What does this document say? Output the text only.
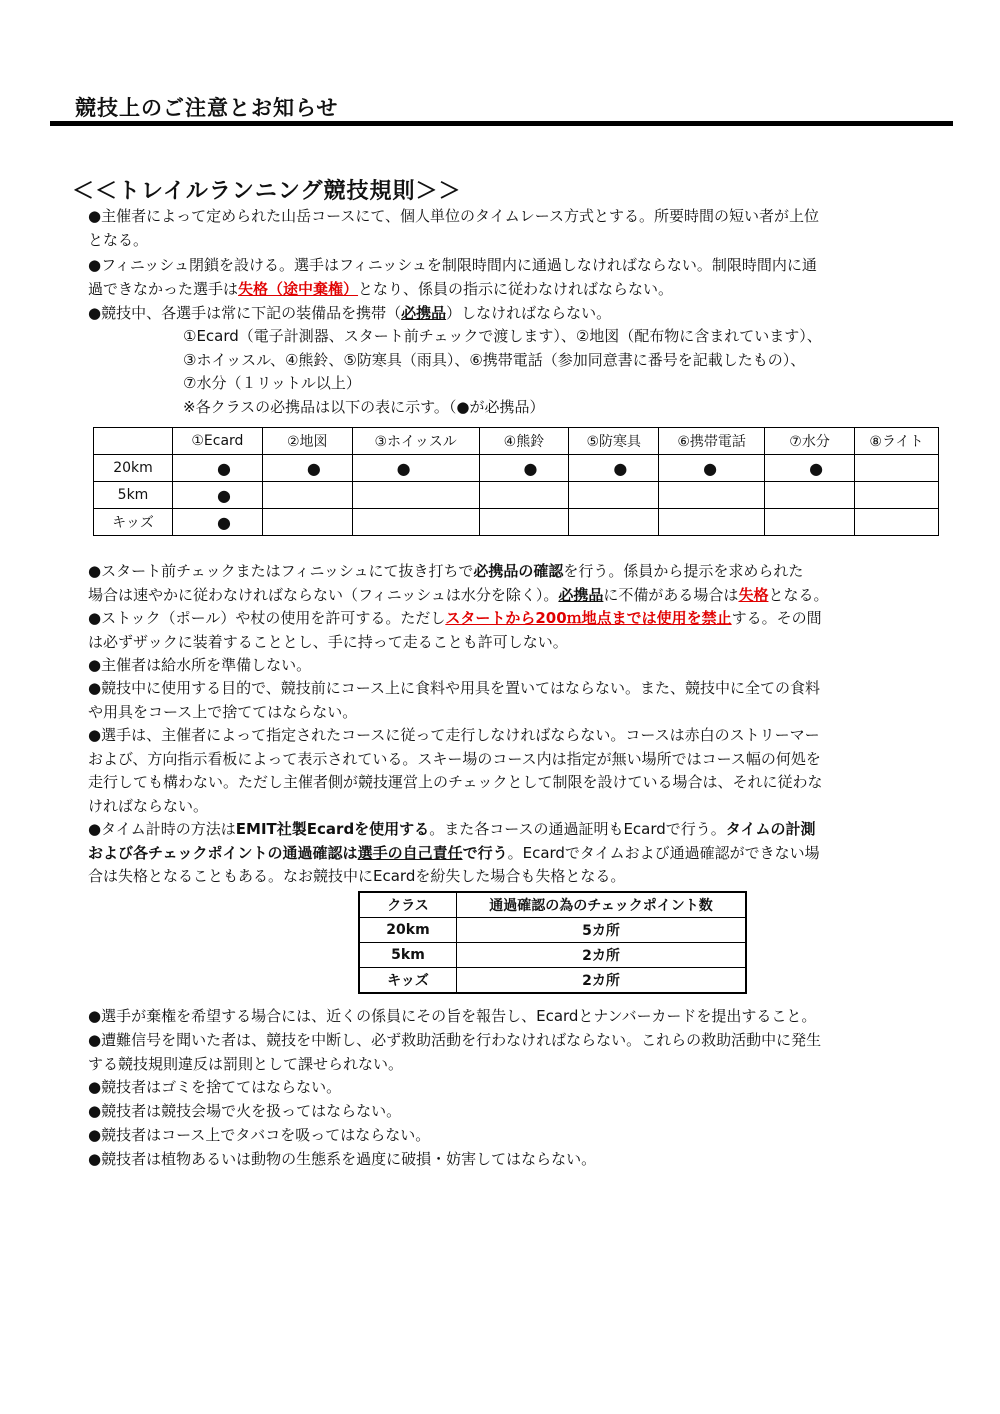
競技上のご注意とお知らせ
＜＜トレイルランニング競技規則＞＞
●主催者によって定められた山岳コースにて、個人単位のタイムレース方式とする。所要時間の短い者が上位
となる。
●フィニッシュ閉鎖を設ける。選手はフィニッシュを制限時間内に通過しなければならない。制限時間内に通
過できなかった選手は失格（途中棄権）となり、係員の指示に従わなければならない。
●競技中、各選手は常に下記の装備品を携帯（必携品）しなければならない。
①Ecard（電子計測器、スタート前チェックで渡します）、②地図（配布物に含まれています）、
③ホイッスル、④熊鈴、⑤防寒具（雨具）、⑥携帯電話（参加同意書に番号を記載したもの）、
⑦水分（１リットル以上）
※各クラスの必携品は以下の表に示す。（●が必携品）
	①Ecard	②地図	③ホイッスル	④熊鈴	⑤防寒具	⑥携帯電話	⑦水分	⑧ライト
20km	●	●	●	●	●	●	●	
5km	●							
キッズ	●							
●スタート前チェックまたはフィニッシュにて抜き打ちで必携品の確認を行う。係員から提示を求められた
場合は速やかに従わなければならない（フィニッシュは水分を除く）。必携品に不備がある場合は失格となる。
●ストック（ポール）や杖の使用を許可する。ただしスタートから200ｍ地点までは使用を禁止する。その間
は必ずザックに装着することとし、手に持って走ることも許可しない。
●主催者は給水所を準備しない。
●競技中に使用する目的で、競技前にコース上に食料や用具を置いてはならない。また、競技中に全ての食料
や用具をコース上で捨ててはならない。
●選手は、主催者によって指定されたコースに従って走行しなければならない。コースは赤白のストリーマー
および、方向指示看板によって表示されている。スキー場のコース内は指定が無い場所ではコース幅の何処を
走行しても構わない。ただし主催者側が競技運営上のチェックとして制限を設けている場合は、それに従わな
ければならない。
●タイム計時の方法はEMIT社製Ecardを使用する。また各コースの通過証明もEcardで行う。タイムの計測
および各チェックポイントの通過確認は選手の自己責任で行う。Ecardでタイムおよび通過確認ができない場
合は失格となることもある。なお競技中にEcardを紛失した場合も失格となる。
クラス	通過確認の為のチェックポイント数
20km	5カ所
5km	2カ所
キッズ	2カ所
●選手が棄権を希望する場合には、近くの係員にその旨を報告し、Ecardとナンバーカードを提出すること。
●遭難信号を聞いた者は、競技を中断し、必ず救助活動を行わなければならない。これらの救助活動中に発生
する競技規則違反は罰則として課せられない。
●競技者はゴミを捨ててはならない。
●競技者は競技会場で火を扱ってはならない。
●競技者はコース上でタバコを吸ってはならない。
●競技者は植物あるいは動物の生態系を過度に破損・妨害してはならない。
